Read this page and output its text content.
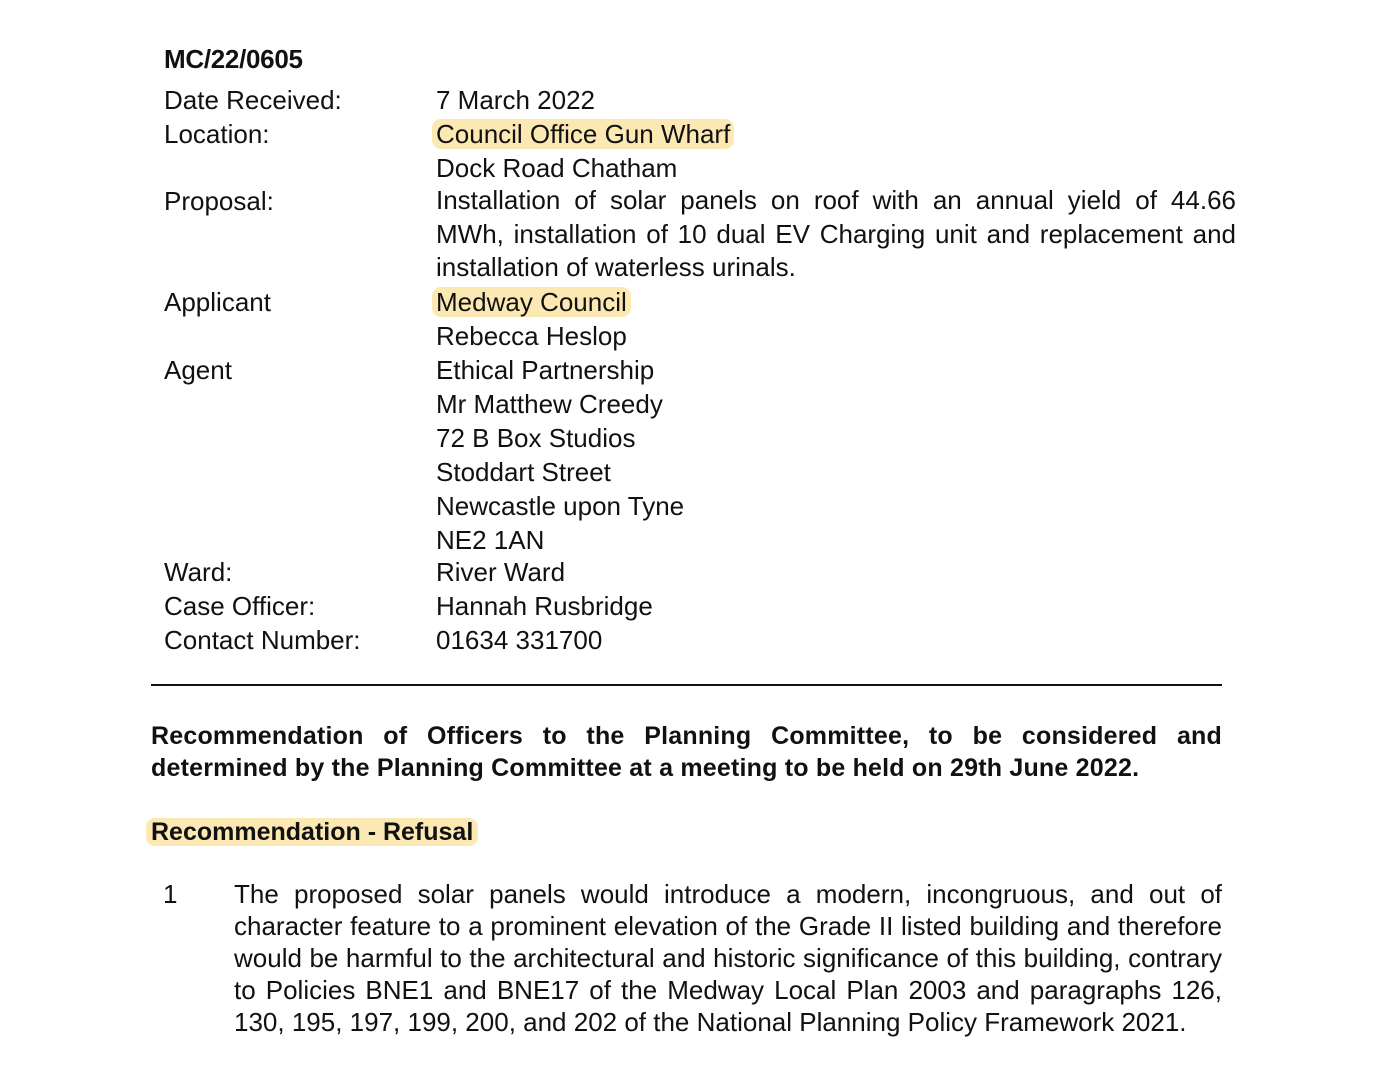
MC/22/0605
Date Received:	7 March 2022
Location:	Council Office Gun Wharf
Dock Road Chatham
Proposal:	Installation of solar panels on roof with an annual yield of 44.66 MWh, installation of 10 dual EV Charging unit and replacement and installation of waterless urinals.
Applicant	Medway Council
Rebecca Heslop
Agent	Ethical Partnership
Mr Matthew Creedy
72 B Box Studios
Stoddart Street
Newcastle upon Tyne
NE2 1AN
Ward:	River Ward
Case Officer:	Hannah Rusbridge
Contact Number:	01634 331700
Recommendation of Officers to the Planning Committee, to be considered and determined by the Planning Committee at a meeting to be held on 29th June 2022.
Recommendation - Refusal
1 The proposed solar panels would introduce a modern, incongruous, and out of character feature to a prominent elevation of the Grade II listed building and therefore would be harmful to the architectural and historic significance of this building, contrary to Policies BNE1 and BNE17 of the Medway Local Plan 2003 and paragraphs 126, 130, 195, 197, 199, 200, and 202 of the National Planning Policy Framework 2021.
